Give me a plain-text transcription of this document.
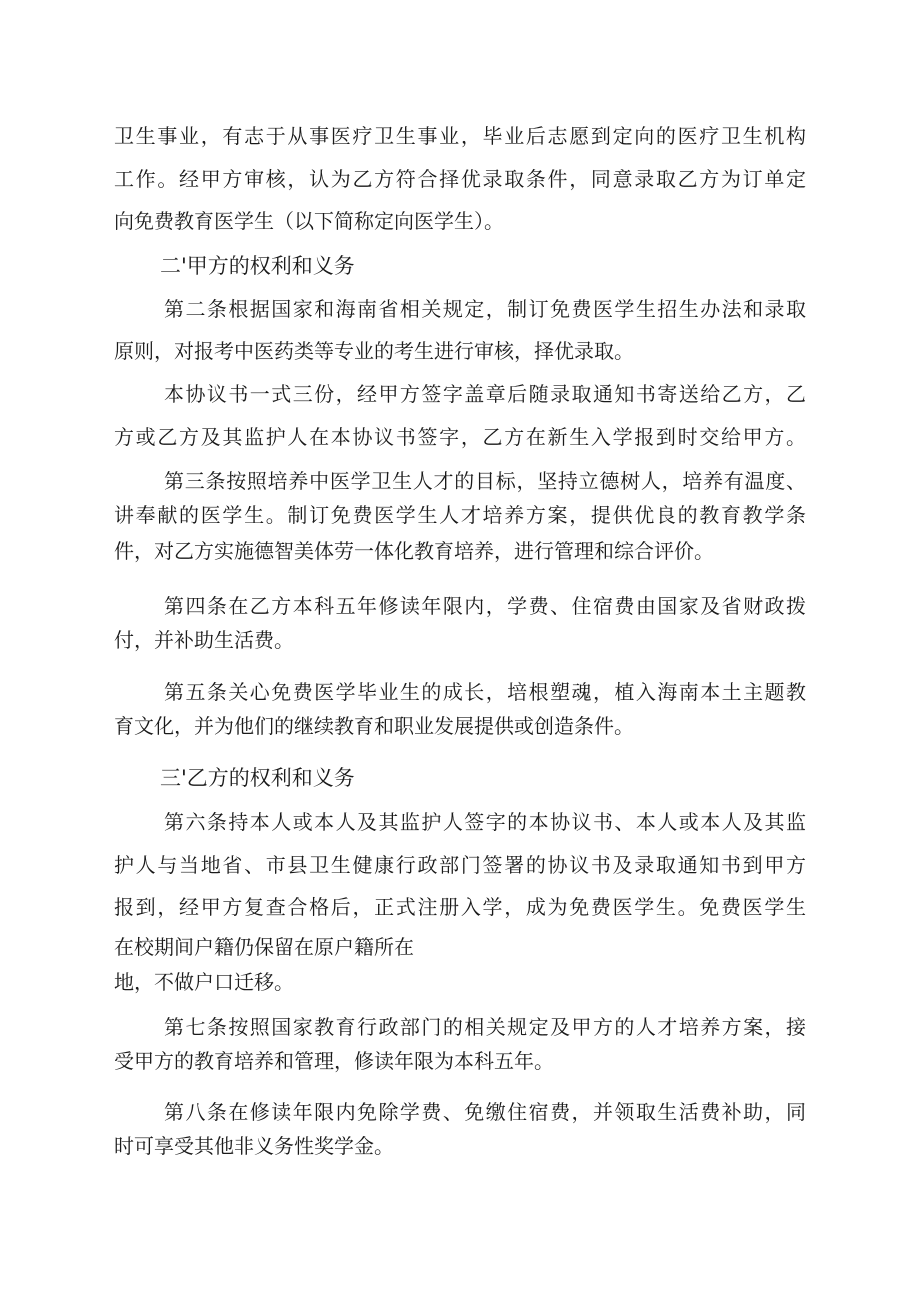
卫生事业，有志于从事医疗卫生事业，毕业后志愿到定向的医疗卫生机构
工作。经甲方审核，认为乙方符合择优录取条件，同意录取乙方为订单定
向免费教育医学生（以下简称定向医学生）。
二'甲方的权利和义务
第二条根据国家和海南省相关规定，制订免费医学生招生办法和录取
原则，对报考中医药类等专业的考生进行审核，择优录取。
本协议书一式三份，经甲方签字盖章后随录取通知书寄送给乙方，乙
方或乙方及其监护人在本协议书签字，乙方在新生入学报到时交给甲方。
第三条按照培养中医学卫生人才的目标，坚持立德树人，培养有温度、
讲奉献的医学生。制订免费医学生人才培养方案，提供优良的教育教学条
件，对乙方实施德智美体劳一体化教育培养，进行管理和综合评价。
第四条在乙方本科五年修读年限内，学费、住宿费由国家及省财政拨
付，并补助生活费。
第五条关心免费医学毕业生的成长，培根塑魂，植入海南本土主题教
育文化，并为他们的继续教育和职业发展提供或创造条件。
三'乙方的权利和义务
第六条持本人或本人及其监护人签字的本协议书、本人或本人及其监
护人与当地省、市县卫生健康行政部门签署的协议书及录取通知书到甲方
报到，经甲方复查合格后，正式注册入学，成为免费医学生。免费医学生
在校期间户籍仍保留在原户籍所在
地，不做户口迁移。
第七条按照国家教育行政部门的相关规定及甲方的人才培养方案，接
受甲方的教育培养和管理，修读年限为本科五年。
第八条在修读年限内免除学费、免缴住宿费，并领取生活费补助，同
时可享受其他非义务性奖学金。
